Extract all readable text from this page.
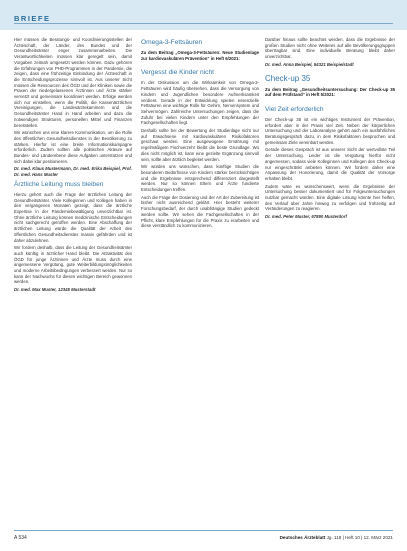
BRIEFE

Hier müssen die Beratungs- und Koordinierungsstellen der Ärzteschaft, der Länder, des Bundes und der Gesundheitsämter enger zusammenarbeiten. Die Verantwortlichkeiten müssen klar geregelt sein, damit Vorgaben zeitnah umgesetzt werden können. Dazu gehören die Erfahrungen von PHD-Programmen in der Pandemie, die zeigen, dass eine frühzeitige Einbindung der Ärzteschaft in die Entscheidungsprozesse sinnvoll ist. Aus unserer Sicht müssen die Ressourcen des ÖGD und der Kliniken sowie die Praxen der niedergelassenen Ärztinnen und Ärzte stärker vernetzt und gemeinsam koordiniert werden. Erfolge werden sich nur einstellen, wenn die Politik, die Kassenärztlichen Vereinigungen, die Landesärztekammern und die Gesundheitsämter Hand in Hand arbeiten und dazu die notwendigen Strukturen, personellen Mittel und Finanzen bereitstellen.

Wir wünschen uns eine klarere Kommunikation, um die Rolle des öffentlichen Gesundheitsdienstes in der Bevölkerung zu stärken. Hierfür ist eine breite Informationskampagne erforderlich. Zudem sollten alle politischen Akteure auf Bundes- und Länderebene diese Aufgaben unterstützen und sich dabei klar positionieren.

Dr. med. Klaus Mustermann, Dr. med. Erika Beispiel, Prof. Dr. med. Hans Muster
Ärztliche Leitung muss bleiben

Hierzu gehört auch die Frage der ärztlichen Leitung der Gesundheitsämter. Viele Kolleginnen und Kollegen haben in den vergangenen Monaten gezeigt, dass die ärztliche Expertise in der Pandemiebewältigung unverzichtbar ist. Ohne ärztliche Leitung können medizinische Entscheidungen nicht sachgerecht getroffen werden. Eine Abschaffung der ärztlichen Leitung würde die Qualität der Arbeit des öffentlichen Gesundheitsdienstes massiv gefährden und ist daher abzulehnen.

Wir fordern deshalb, dass die Leitung der Gesundheitsämter auch künftig in ärztlicher Hand bleibt. Die Attraktivität des ÖGD für junge Ärztinnen und Ärzte muss durch eine angemessene Vergütung, gute Weiterbildungsmöglichkeiten und moderne Arbeitsbedingungen verbessert werden. Nur so kann der Nachwuchs für diesen wichtigen Bereich gewonnen werden.

Dr. med. Max Muster, 12345 Musterstadt
Omega-3-Fettsäuren
Zu dem Beitrag „Omega-3-Fettsäuren: Neue Studienlage zur kardiovaskulären Prävention“ in Heft 6/2021:
Vergesst die Kinder nicht

In der Diskussion um die Wirksamkeit von Omega-3-Fettsäuren wird häufig übersehen, dass die Versorgung von Kindern und Jugendlichen besondere Aufmerksamkeit verdient. Gerade in der Entwicklung spielen essenzielle Fettsäuren eine wichtige Rolle für Gehirn, Nervensystem und Sehvermögen. Zahlreiche Untersuchungen zeigen, dass die Zufuhr bei vielen Kindern unter den Empfehlungen der Fachgesellschaften liegt.

Deshalb sollte bei der Bewertung der Studienlage nicht nur auf Erwachsene mit kardiovaskulären Risikofaktoren geschaut werden. Eine ausgewogene Ernährung mit regelmäßigem Fischverzehr bleibt die beste Grundlage. Wo dies nicht möglich ist, kann eine gezielte Ergänzung sinnvoll sein, sollte aber ärztlich begleitet werden.

Wir würden uns wünschen, dass künftige Studien die besonderen Bedürfnisse von Kindern stärker berücksichtigen und die Ergebnisse entsprechend differenziert dargestellt werden. Nur so können Eltern und Ärzte fundierte Entscheidungen treffen.

Auch die Frage der Dosierung und der Art der Zubereitung ist bisher nicht ausreichend geklärt. Hier besteht weiterer Forschungsbedarf, der durch unabhängige Studien gedeckt werden sollte. Wir sehen die Fachgesellschaften in der Pflicht, klare Empfehlungen für die Praxis zu erarbeiten und diese verständlich zu kommunizieren.

Darüber hinaus sollte beachtet werden, dass die Ergebnisse der großen Studien nicht ohne Weiteres auf alle Bevölkerungsgruppen übertragbar sind. Eine individuelle Beratung bleibt daher unverzichtbar.

Dr. med. Anna Beispiel, 54321 Beispielstadt
Check-up 35
Zu dem Beitrag „Gesundheitsuntersuchung: Der Check-up 35 auf dem Prüfstand“ in Heft 5/2021:
Viel Zeit erforderlich

Der Check-up 35 ist ein wichtiges Instrument der Prävention, erfordert aber in der Praxis viel Zeit. Neben der körperlichen Untersuchung und der Laboranalyse gehört auch ein ausführliches Beratungsgespräch dazu, in dem Risikofaktoren besprochen und gemeinsam Ziele vereinbart werden.

Gerade dieses Gespräch ist aus unserer Sicht der wertvollste Teil der Untersuchung. Leider ist die Vergütung hierfür nicht angemessen, sodass viele Kolleginnen und Kollegen den Check-up nur eingeschränkt anbieten können. Wir fordern daher eine Anpassung der Honorierung, damit die Qualität der Vorsorge erhalten bleibt.

Zudem wäre es wünschenswert, wenn die Ergebnisse der Untersuchung besser dokumentiert und für Folgeuntersuchungen nutzbar gemacht würden. Eine digitale Lösung könnte hier helfen, den Verlauf über Jahre hinweg zu verfolgen und frühzeitig auf Veränderungen zu reagieren.

Dr. med. Peter Muster, 67890 Musterdorf
A 534	Deutsches Ärzteblatt Jg. 118 | Heft 10 | 12. März 2021
